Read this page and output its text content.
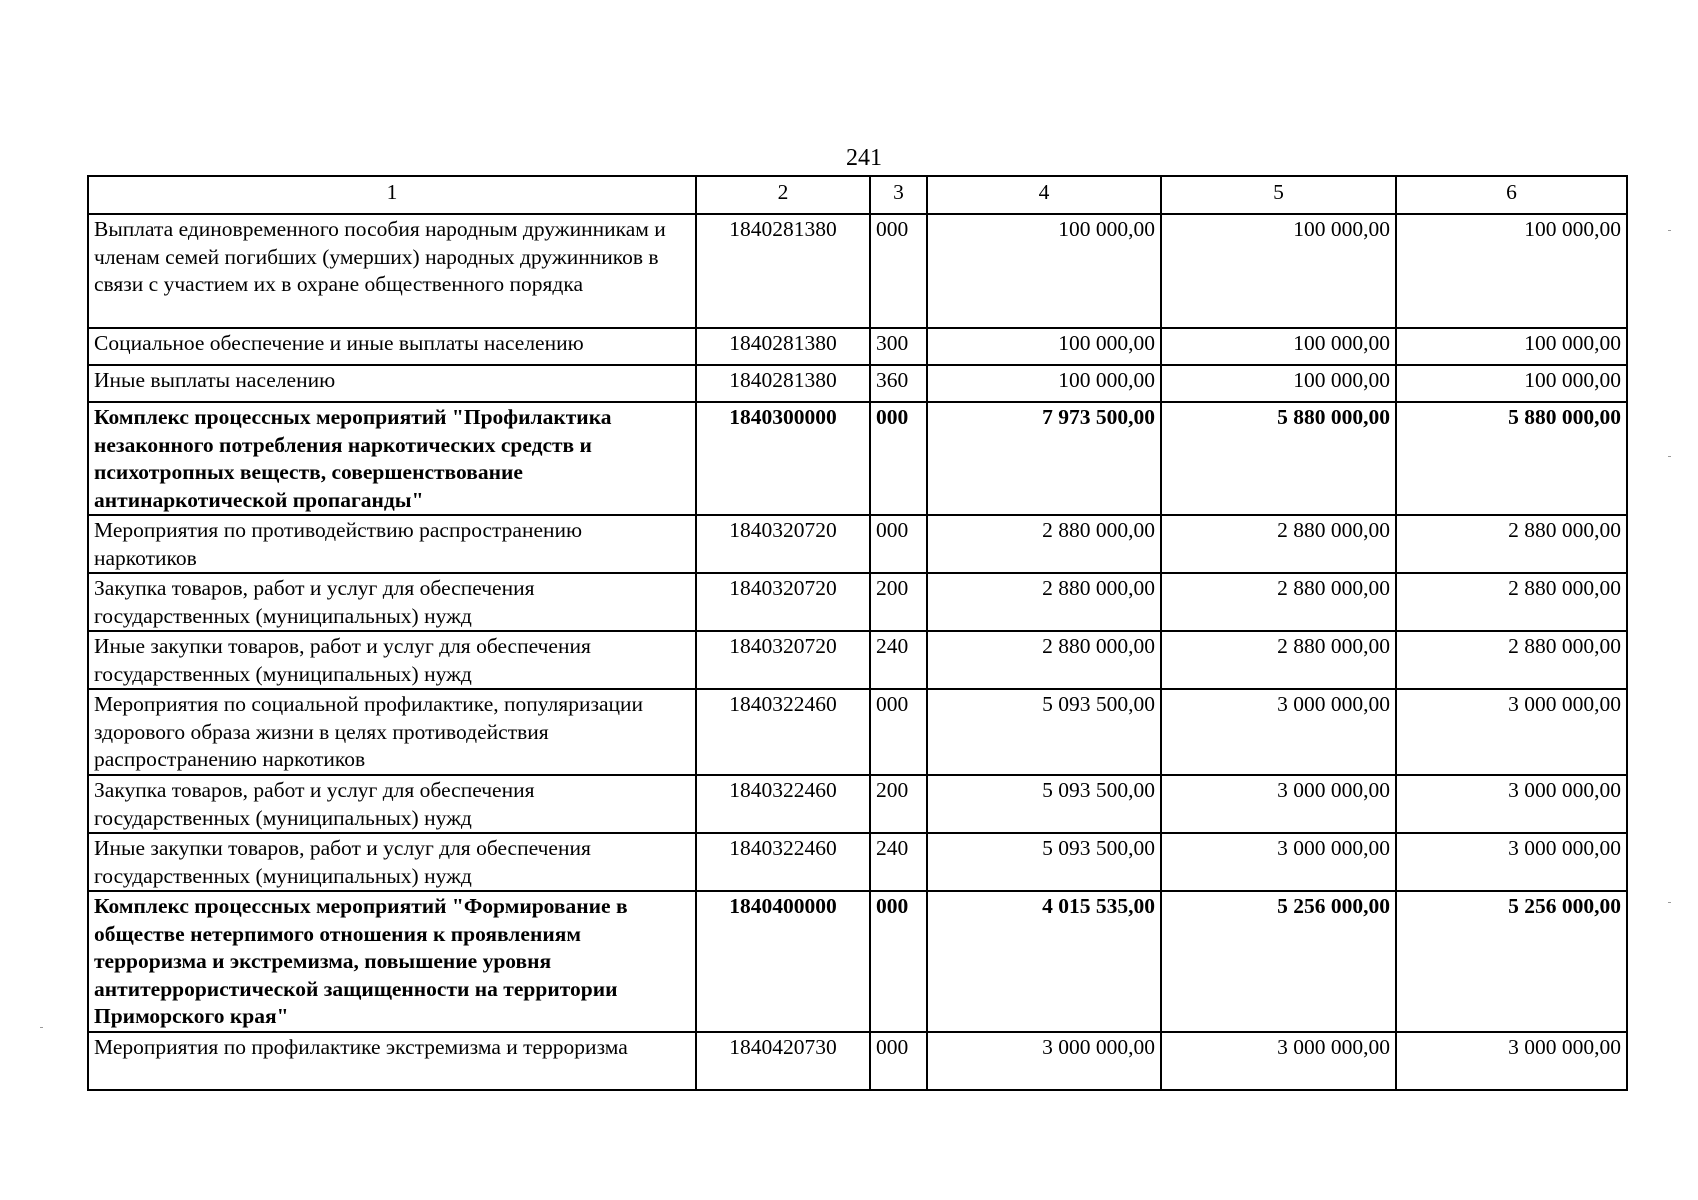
241
1	2	3	4	5	6
Выплата единовременного пособия народным дружинникам и членам семей погибших (умерших) народных дружинников в связи с участием их в охране общественного порядка	1840281380	000	100 000,00	100 000,00	100 000,00
Социальное обеспечение и иные выплаты населению	1840281380	300	100 000,00	100 000,00	100 000,00
Иные выплаты населению	1840281380	360	100 000,00	100 000,00	100 000,00
Комплекс процессных мероприятий "Профилактика незаконного потребления наркотических средств и психотропных веществ, совершенствование антинаркотической пропаганды"	1840300000	000	7 973 500,00	5 880 000,00	5 880 000,00
Мероприятия по противодействию распространению наркотиков	1840320720	000	2 880 000,00	2 880 000,00	2 880 000,00
Закупка товаров, работ и услуг для обеспечения государственных (муниципальных) нужд	1840320720	200	2 880 000,00	2 880 000,00	2 880 000,00
Иные закупки товаров, работ и услуг для обеспечения государственных (муниципальных) нужд	1840320720	240	2 880 000,00	2 880 000,00	2 880 000,00
Мероприятия по социальной профилактике, популяризации здорового образа жизни в целях противодействия распространению наркотиков	1840322460	000	5 093 500,00	3 000 000,00	3 000 000,00
Закупка товаров, работ и услуг для обеспечения государственных (муниципальных) нужд	1840322460	200	5 093 500,00	3 000 000,00	3 000 000,00
Иные закупки товаров, работ и услуг для обеспечения государственных (муниципальных) нужд	1840322460	240	5 093 500,00	3 000 000,00	3 000 000,00
Комплекс процессных мероприятий "Формирование в обществе нетерпимого отношения к проявлениям терроризма и экстремизма, повышение уровня антитеррористической защищенности на территории Приморского края"	1840400000	000	4 015 535,00	5 256 000,00	5 256 000,00
Мероприятия по профилактике экстремизма и терроризма	1840420730	000	3 000 000,00	3 000 000,00	3 000 000,00
